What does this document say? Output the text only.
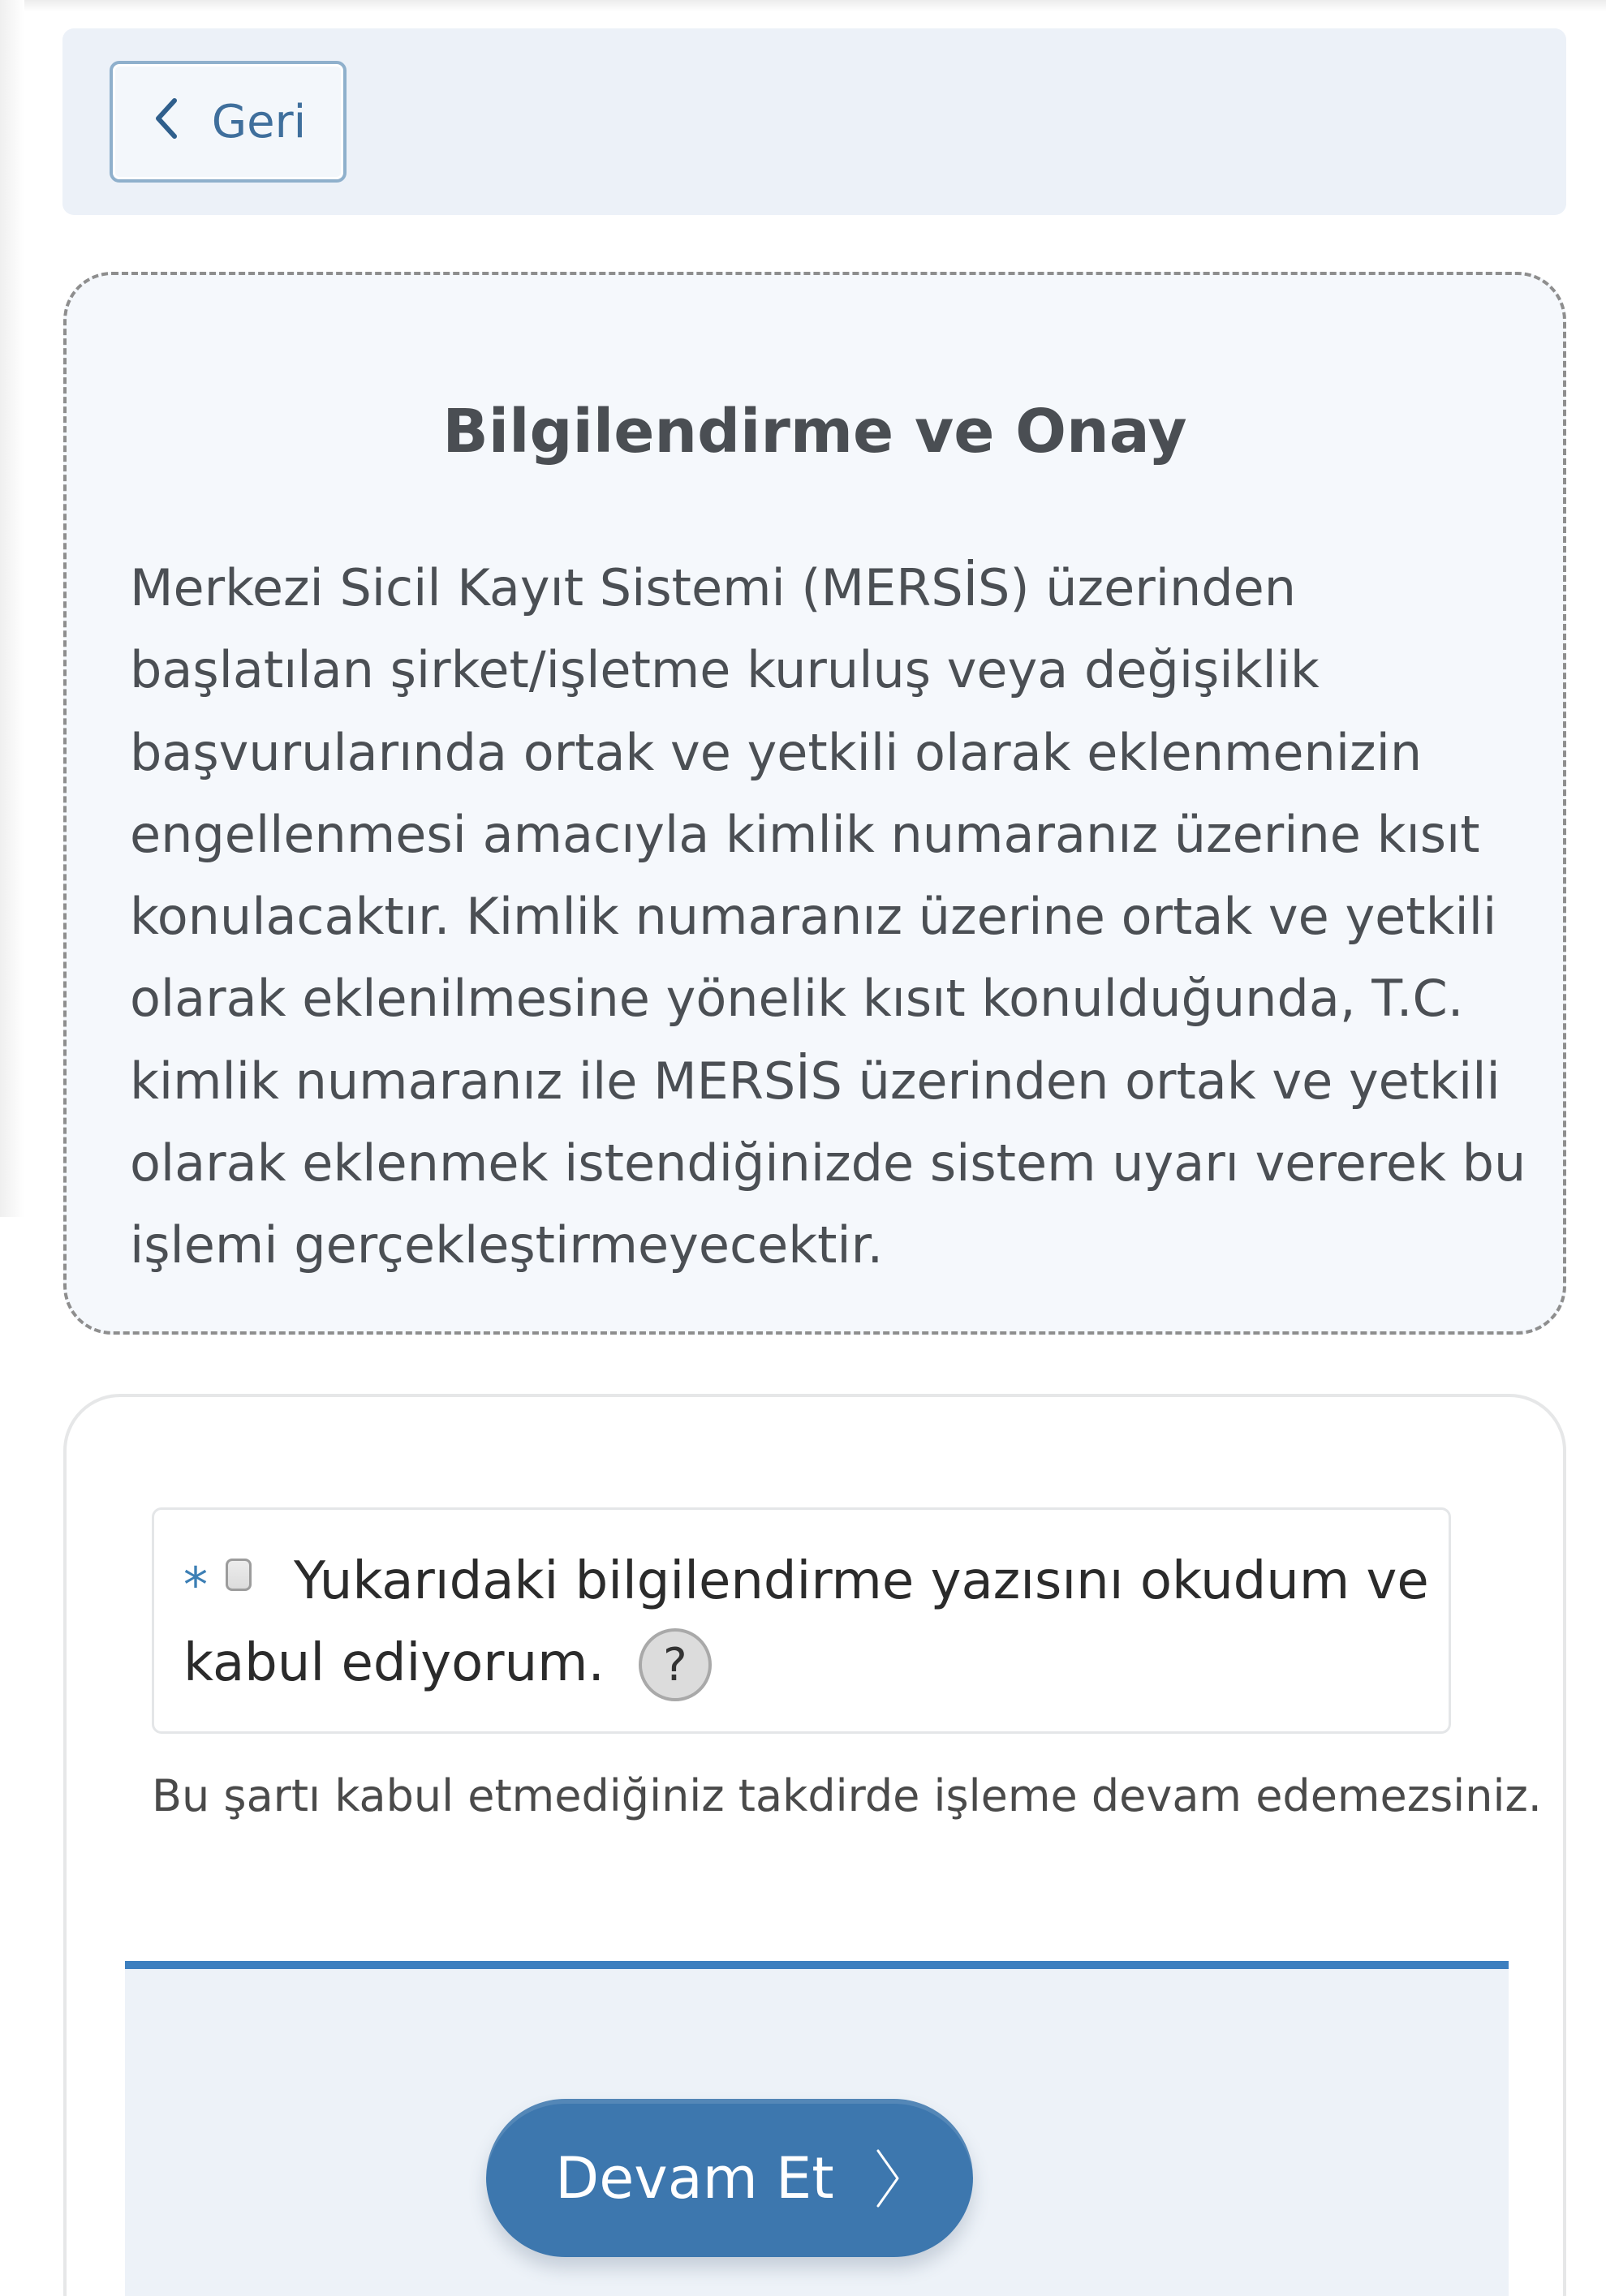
Geri
Bilgilendirme ve Onay
Merkezi Sicil Kayıt Sistemi (MERSİS) üzerinden
başlatılan şirket/işletme kuruluş veya değişiklik
başvurularında ortak ve yetkili olarak eklenmenizin
engellenmesi amacıyla kimlik numaranız üzerine kısıt
konulacaktır. Kimlik numaranız üzerine ortak ve yetkili
olarak eklenilmesine yönelik kısıt konulduğunda, T.C.
kimlik numaranız ile MERSİS üzerinden ortak ve yetkili
olarak eklenmek istendiğinizde sistem uyarı vererek bu
işlemi gerçekleştirmeyecektir.
* Yukarıdaki bilgilendirme yazısını okudum ve
kabul ediyorum. ?
Bu şartı kabul etmediğiniz takdirde işleme devam edemezsiniz.
Devam Et
